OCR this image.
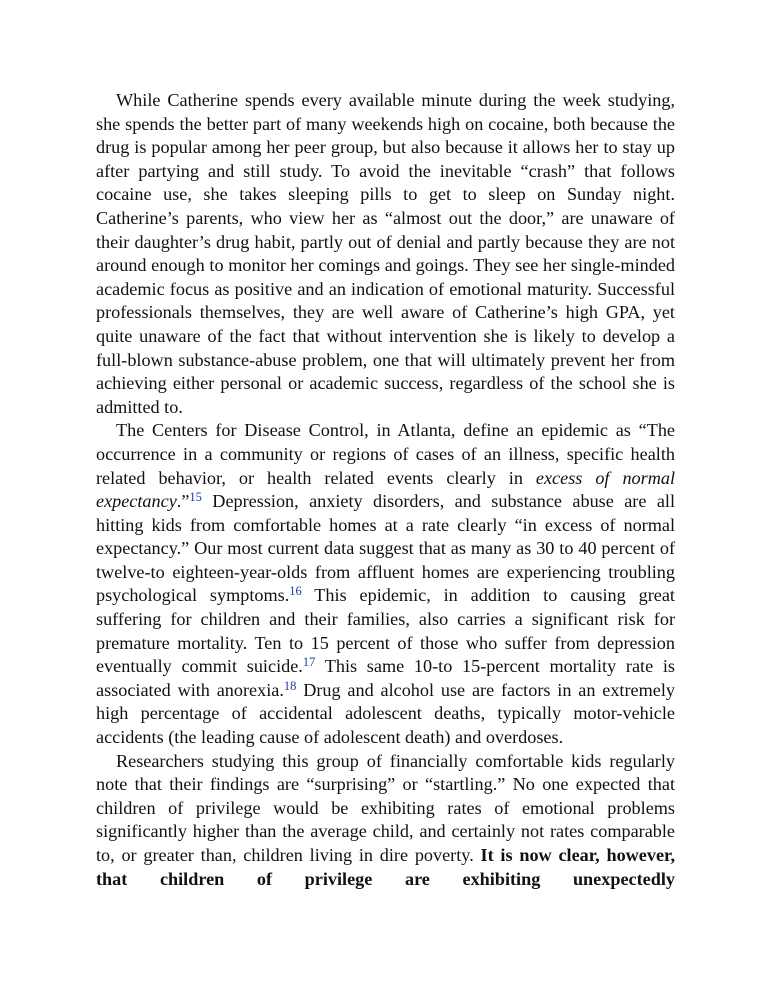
While Catherine spends every available minute during the week studying, she spends the better part of many weekends high on cocaine, both because the drug is popular among her peer group, but also because it allows her to stay up after partying and still study. To avoid the inevitable “crash” that follows cocaine use, she takes sleeping pills to get to sleep on Sunday night. Catherine’s parents, who view her as “almost out the door,” are unaware of their daughter’s drug habit, partly out of denial and partly because they are not around enough to monitor her comings and goings. They see her single-minded academic focus as positive and an indication of emotional maturity. Successful professionals themselves, they are well aware of Catherine’s high GPA, yet quite unaware of the fact that without intervention she is likely to develop a full-blown substance-abuse problem, one that will ultimately prevent her from achieving either personal or academic success, regardless of the school she is admitted to.

The Centers for Disease Control, in Atlanta, define an epidemic as “The occurrence in a community or regions of cases of an illness, specific health related behavior, or health related events clearly in excess of normal expectancy.”$^{15}$ Depression, anxiety disorders, and substance abuse are all hitting kids from comfortable homes at a rate clearly “in excess of normal expectancy.” Our most current data suggest that as many as 30 to 40 percent of twelve-to eighteen-year-olds from affluent homes are experiencing troubling psychological symptoms.$^{16}$ This epidemic, in addition to causing great suffering for children and their families, also carries a significant risk for premature mortality. Ten to 15 percent of those who suffer from depression eventually commit suicide.$^{17}$ This same 10-to 15-percent mortality rate is associated with anorexia.$^{18}$ Drug and alcohol use are factors in an extremely high percentage of accidental adolescent deaths, typically motor-vehicle accidents (the leading cause of adolescent death) and overdoses.

Researchers studying this group of financially comfortable kids regularly note that their findings are “surprising” or “startling.” No one expected that children of privilege would be exhibiting rates of emotional problems significantly higher than the average child, and certainly not rates comparable to, or greater than, children living in dire poverty. It is now clear, however, that children of privilege are exhibiting unexpectedly
